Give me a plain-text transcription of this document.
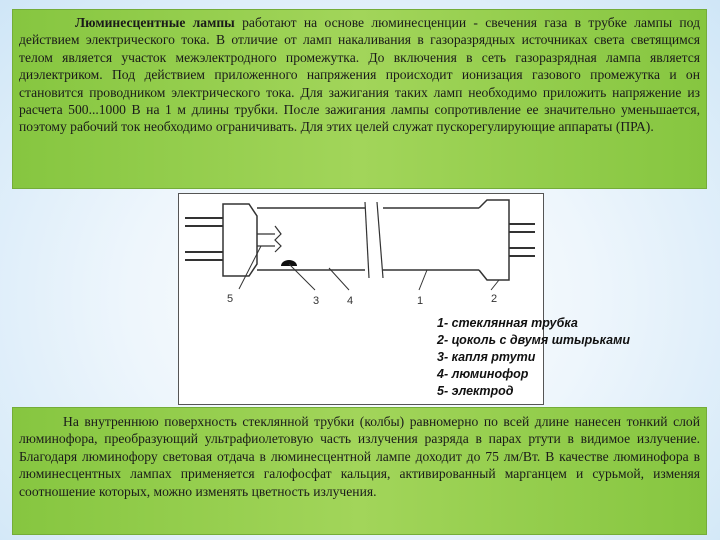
Люминесцентные лампы работают на основе люминесценции - свечения газа в трубке лампы под действием электрического тока. В отличие от ламп накаливания в газоразрядных источниках света светящимся телом является участок межэлектродного промежутка. До включения в сеть газоразрядная лампа является диэлектриком. Под действием приложенного напряжения происходит ионизация газового промежутка и он становится проводником электрического тока. Для зажигания таких ламп необходимо приложить напряжение из расчета 500...1000 В на 1 м длины трубки. После зажигания лампы сопротивление ее значительно уменьшается, поэтому рабочий ток необходимо ограничивать. Для этих целей служат пускорегулирующие аппараты (ПРА).
5	3	4	1	2
1- стеклянная трубка
2- цоколь с двумя штырьками
3- капля ртути
4- люминофор
5- электрод
На внутреннюю поверхность стеклянной трубки (колбы) равномерно по всей длине нанесен тонкий слой люминофора, преобразующий ультрафиолетовую часть излучения разряда в парах ртути в видимое излучение. Благодаря люминофору световая отдача в люминесцентной лампе доходит до 75 лм/Вт. В качестве люминофора в люминесцентных лампах применяется галофосфат кальция, активированный марганцем и сурьмой, изменяя соотношение которых, можно изменять цветность излучения.
